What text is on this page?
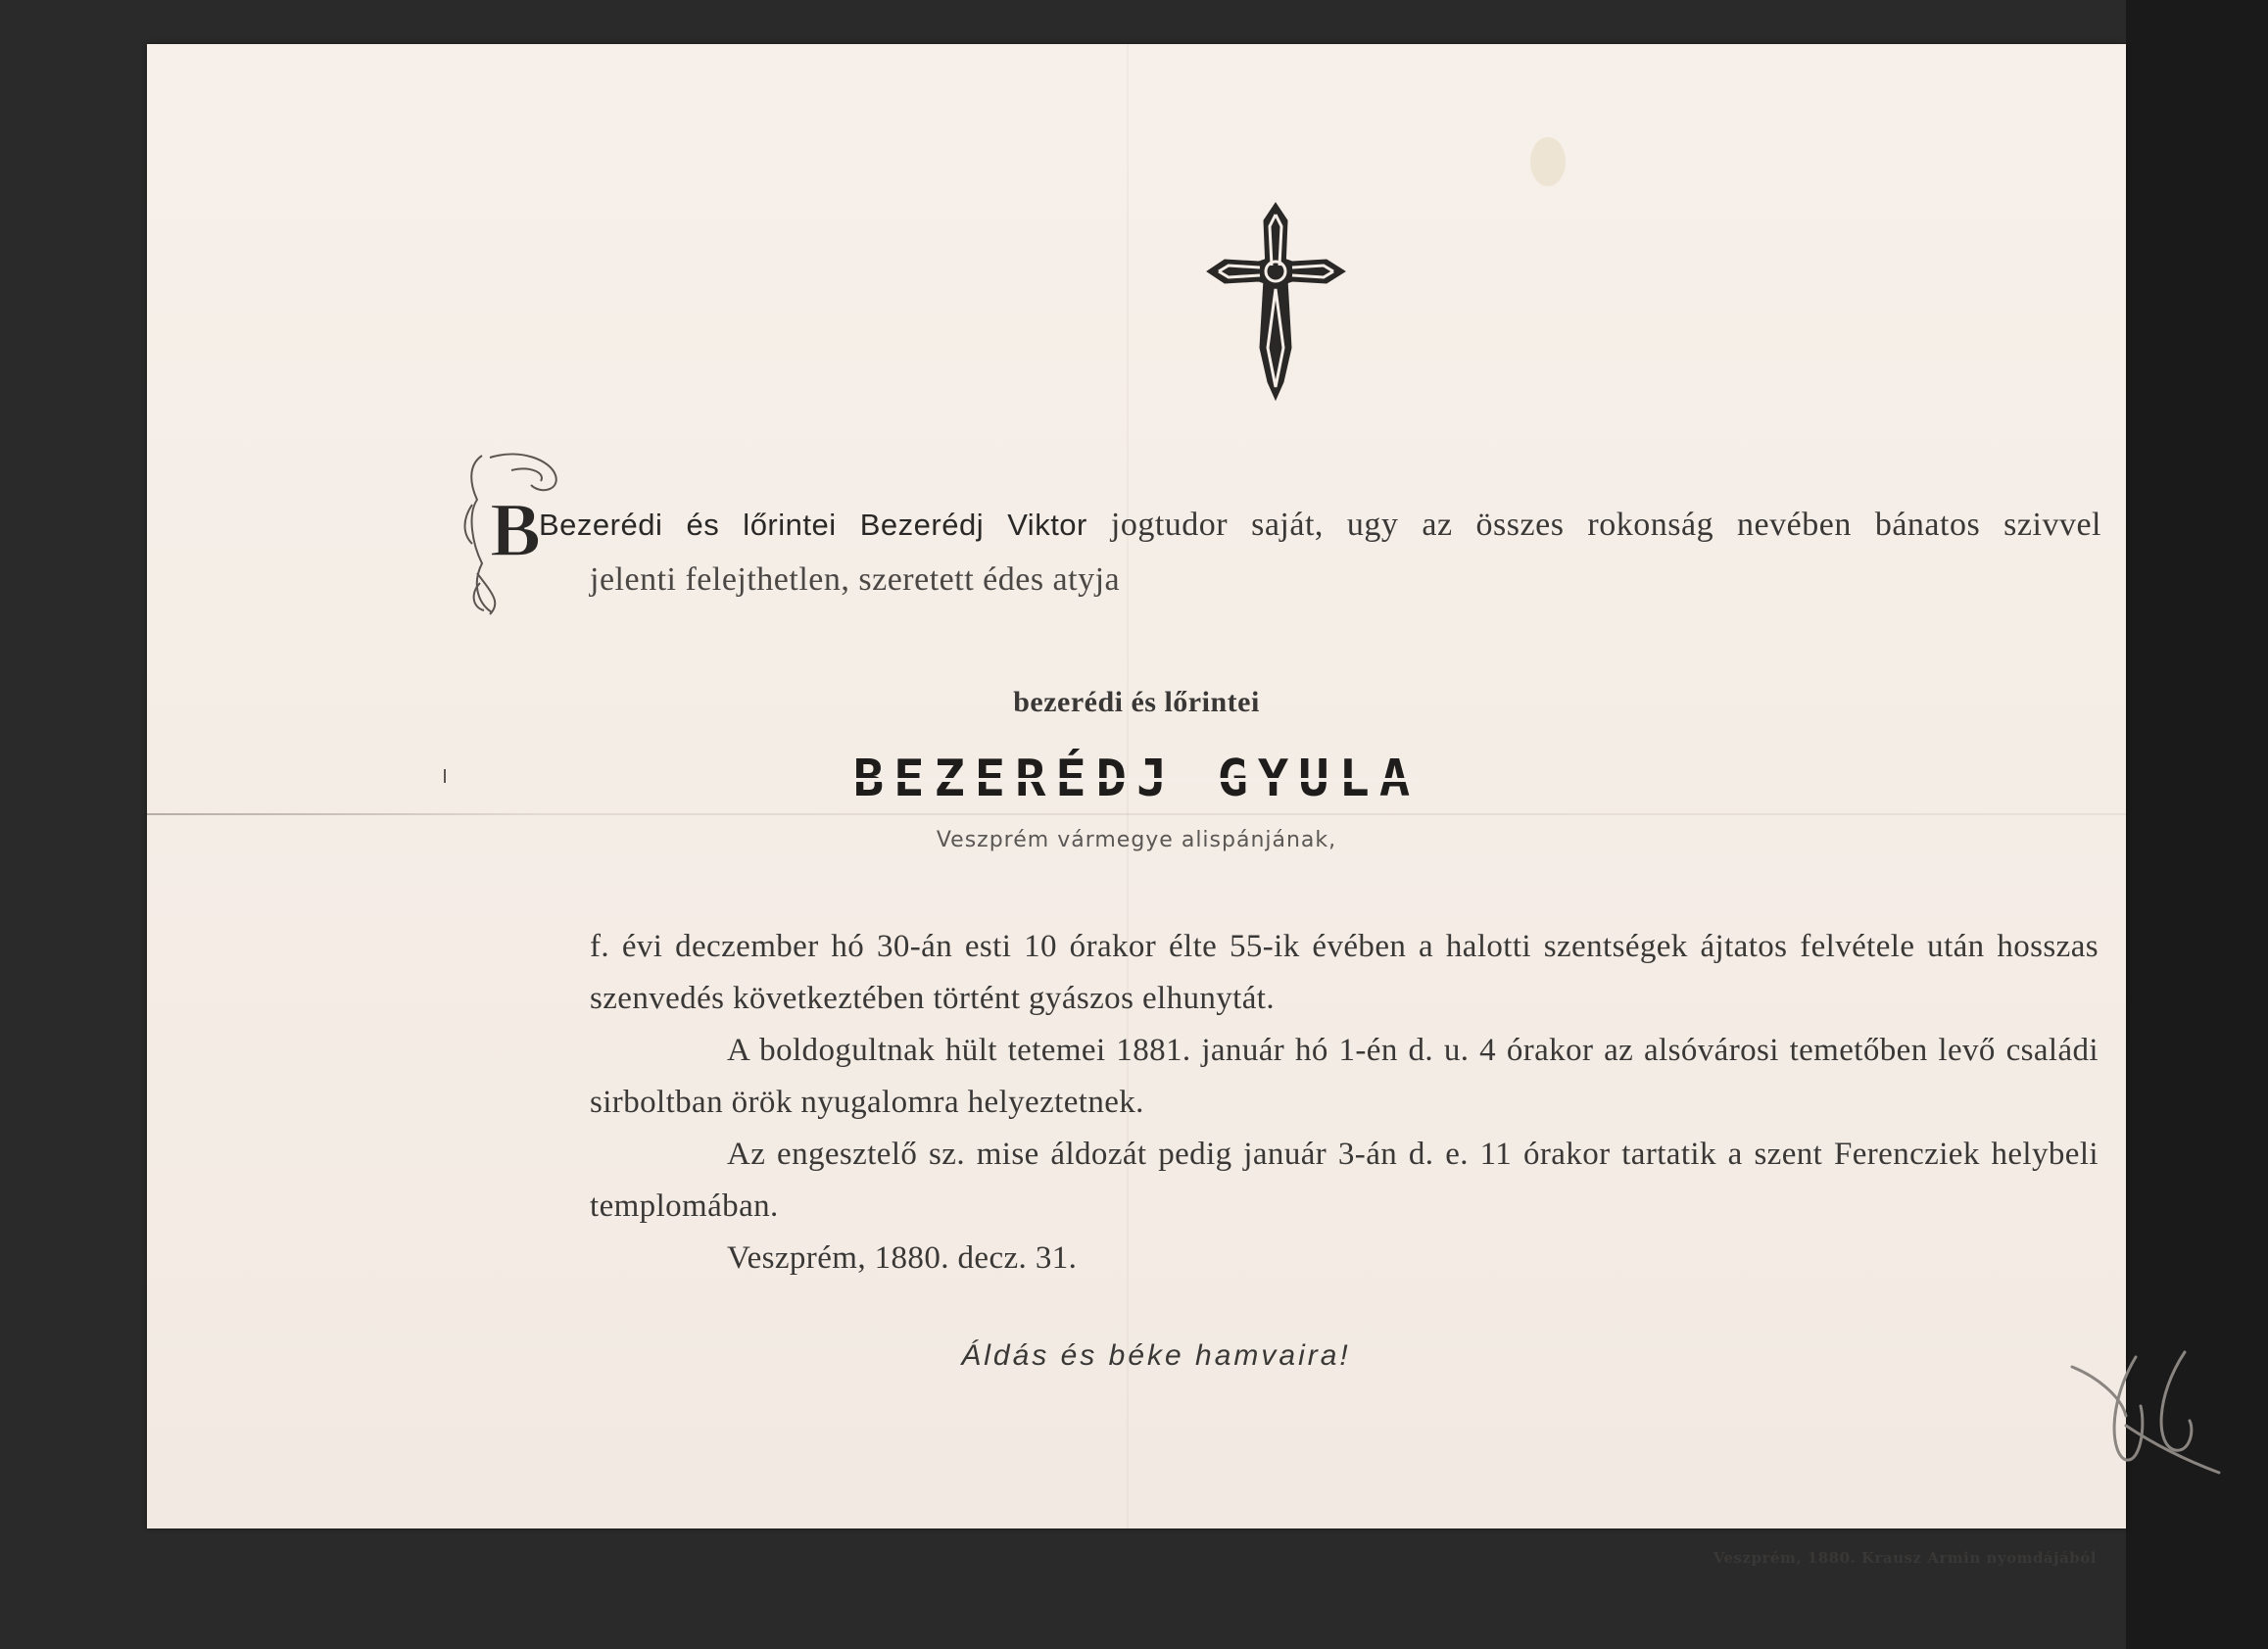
B
Bezerédi és lőrintei Bezerédj Viktor jogtudor saját, ugy az összes rokonság nevében bánatos szivvel
jelenti felejthetlen, szeretett édes atyja
bezerédi és lőrintei
BEZERÉDJ GYULA
Veszprém vármegye alispánjának,

f. évi deczember hó 30-án esti 10 órakor élte 55-ik évében a halotti szentségek ájtatos felvétele után hosszas szenvedés következtében történt gyászos elhunytát.

A boldogultnak hült tetemei 1881. január hó 1-én d. u. 4 órakor az alsóvárosi temetőben levő családi sirboltban örök nyugalomra helyeztetnek.

Az engesztelő sz. mise áldozát pedig január 3-án d. e. 11 órakor tartatik a szent Ferencziek helybeli templomában.

Veszprém, 1880. decz. 31.

Áldás és béke hamvaira!
Veszprém, 1880. Krausz Armin nyomdájából
